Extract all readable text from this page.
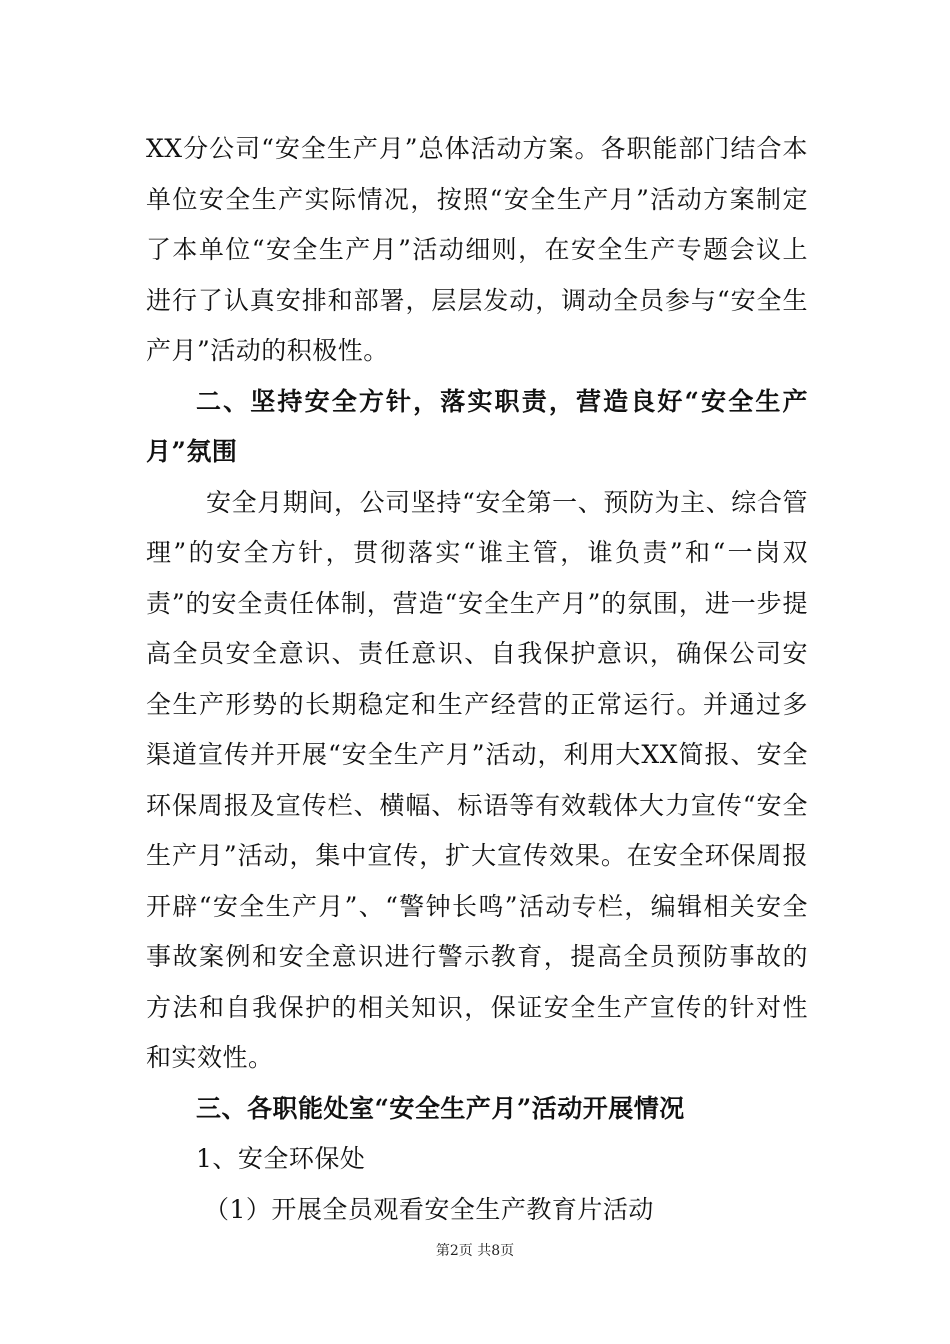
XX分公司“安全生产月”总体活动方案。各职能部门结合本单位安全生产实际情况，按照“安全生产月”活动方案制定了本单位“安全生产月”活动细则，在安全生产专题会议上进行了认真安排和部署，层层发动，调动全员参与“安全生产月”活动的积极性。

二、坚持安全方针，落实职责，营造良好“安全生产月”氛围

安全月期间，公司坚持“安全第一、预防为主、综合管理”的安全方针，贯彻落实“谁主管，谁负责”和“一岗双责”的安全责任体制，营造“安全生产月”的氛围，进一步提高全员安全意识、责任意识、自我保护意识，确保公司安全生产形势的长期稳定和生产经营的正常运行。并通过多渠道宣传并开展“安全生产月”活动，利用大XX简报、安全环保周报及宣传栏、横幅、标语等有效载体大力宣传“安全生产月”活动，集中宣传，扩大宣传效果。在安全环保周报开辟“安全生产月”、“警钟长鸣”活动专栏，编辑相关安全事故案例和安全意识进行警示教育，提高全员预防事故的方法和自我保护的相关知识，保证安全生产宣传的针对性和实效性。

三、各职能处室“安全生产月”活动开展情况

1、安全环保处

（1）开展全员观看安全生产教育片活动

第2页 共8页
